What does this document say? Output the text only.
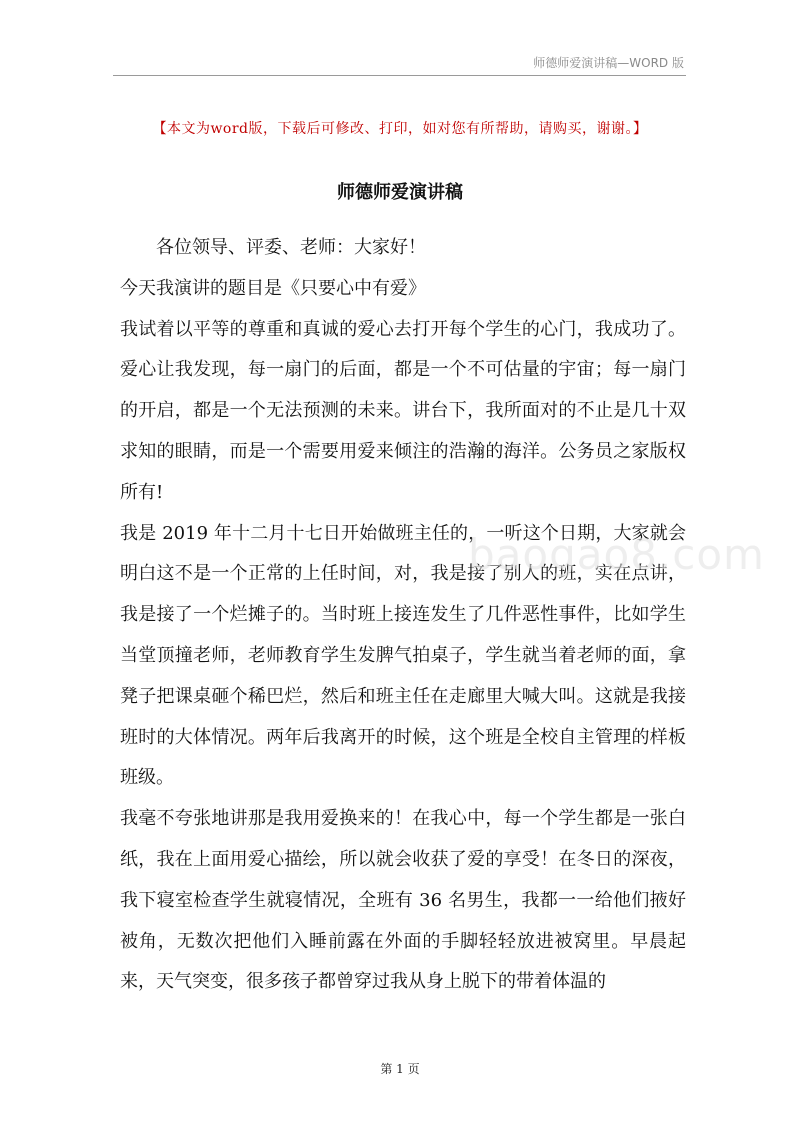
师德师爱演讲稿—WORD 版
【本文为word版，下载后可修改、打印，如对您有所帮助，请购买，谢谢。】
师德师爱演讲稿

各位领导、评委、老师：大家好！

今天我演讲的题目是《只要心中有爱》

我试着以平等的尊重和真诚的爱心去打开每个学生的心门，我成功了。爱心让我发现，每一扇门的后面，都是一个不可估量的宇宙；每一扇门的开启，都是一个无法预测的未来。讲台下，我所面对的不止是几十双求知的眼睛，而是一个需要用爱来倾注的浩瀚的海洋。公务员之家版权所有!

我是 2019 年十二月十七日开始做班主任的，一听这个日期，大家就会明白这不是一个正常的上任时间，对，我是接了别人的班，实在点讲，我是接了一个烂摊子的。当时班上接连发生了几件恶性事件，比如学生当堂顶撞老师，老师教育学生发脾气拍桌子，学生就当着老师的面，拿凳子把课桌砸个稀巴烂，然后和班主任在走廊里大喊大叫。这就是我接班时的大体情况。两年后我离开的时候，这个班是全校自主管理的样板班级。

我毫不夸张地讲那是我用爱换来的！在我心中，每一个学生都是一张白纸，我在上面用爱心描绘，所以就会收获了爱的享受！在冬日的深夜，我下寝室检查学生就寝情况，全班有 36 名男生，我都一一给他们掖好被角，无数次把他们入睡前露在外面的手脚轻轻放进被窝里。早晨起来，天气突变，很多孩子都曾穿过我从身上脱下的带着体温的

baogao8.com
第 1 页
